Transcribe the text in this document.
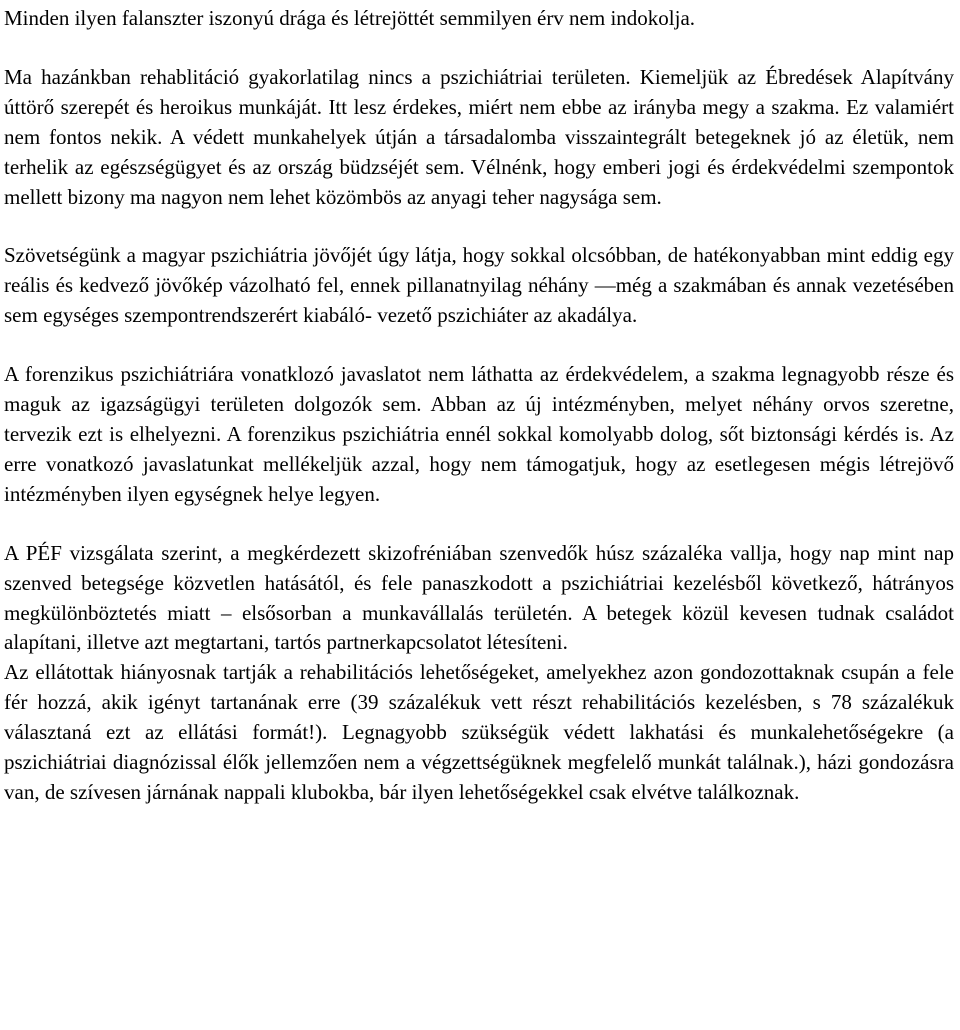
Minden ilyen falanszter iszonyú drága és létrejöttét semmilyen érv nem indokolja.

Ma hazánkban rehablitáció gyakorlatilag nincs a pszichiátriai területen. Kiemeljük az Ébredések Alapítvány úttörő szerepét és heroikus munkáját. Itt lesz érdekes, miért nem ebbe az irányba megy a szakma. Ez valamiért nem fontos nekik. A védett munkahelyek útján a társadalomba visszaintegrált betegeknek jó az életük, nem terhelik az egészségügyet és az ország büdzséjét sem. Vélnénk, hogy emberi jogi és érdekvédelmi szempontok mellett bizony ma nagyon nem lehet közömbös az anyagi teher nagysága sem.

Szövetségünk a magyar pszichiátria jövőjét úgy látja, hogy sokkal olcsóbban, de hatékonyabban mint eddig egy reális és kedvező jövőkép vázolható fel, ennek pillanatnyilag néhány —még a szakmában és annak vezetésében sem egységes szempontrendszerért kiabáló- vezető pszichiáter az akadálya.

A forenzikus pszichiátriára vonatklozó javaslatot nem láthatta az érdekvédelem, a szakma legnagyobb része és maguk az igazságügyi területen dolgozók sem. Abban az új intézményben, melyet néhány orvos szeretne, tervezik ezt is elhelyezni. A forenzikus pszichiátria ennél sokkal komolyabb dolog, sőt biztonsági kérdés is. Az erre vonatkozó javaslatunkat mellékeljük azzal, hogy nem támogatjuk, hogy az esetlegesen mégis létrejövő intézményben ilyen egységnek helye legyen.

A PÉF vizsgálata szerint, a megkérdezett skizofréniában szenvedők húsz százaléka vallja, hogy nap mint nap szenved betegsége közvetlen hatásától, és fele panaszkodott a pszichiátriai kezelésből következő, hátrányos megkülönböztetés miatt – elsősorban a munkavállalás területén. A betegek közül kevesen tudnak családot alapítani, illetve azt megtartani, tartós partnerkapcsolatot létesíteni.

Az ellátottak hiányosnak tartják a rehabilitációs lehetőségeket, amelyekhez azon gondozottaknak csupán a fele fér hozzá, akik igényt tartanának erre (39 százalékuk vett részt rehabilitációs kezelésben, s 78 százalékuk választaná ezt az ellátási formát!). Legnagyobb szükségük védett lakhatási és munkalehetőségekre (a pszichiátriai diagnózissal élők jellemzően nem a végzettségüknek megfelelő munkát találnak.), házi gondozásra van, de szívesen járnának nappali klubokba, bár ilyen lehetőségekkel csak elvétve találkoznak.
